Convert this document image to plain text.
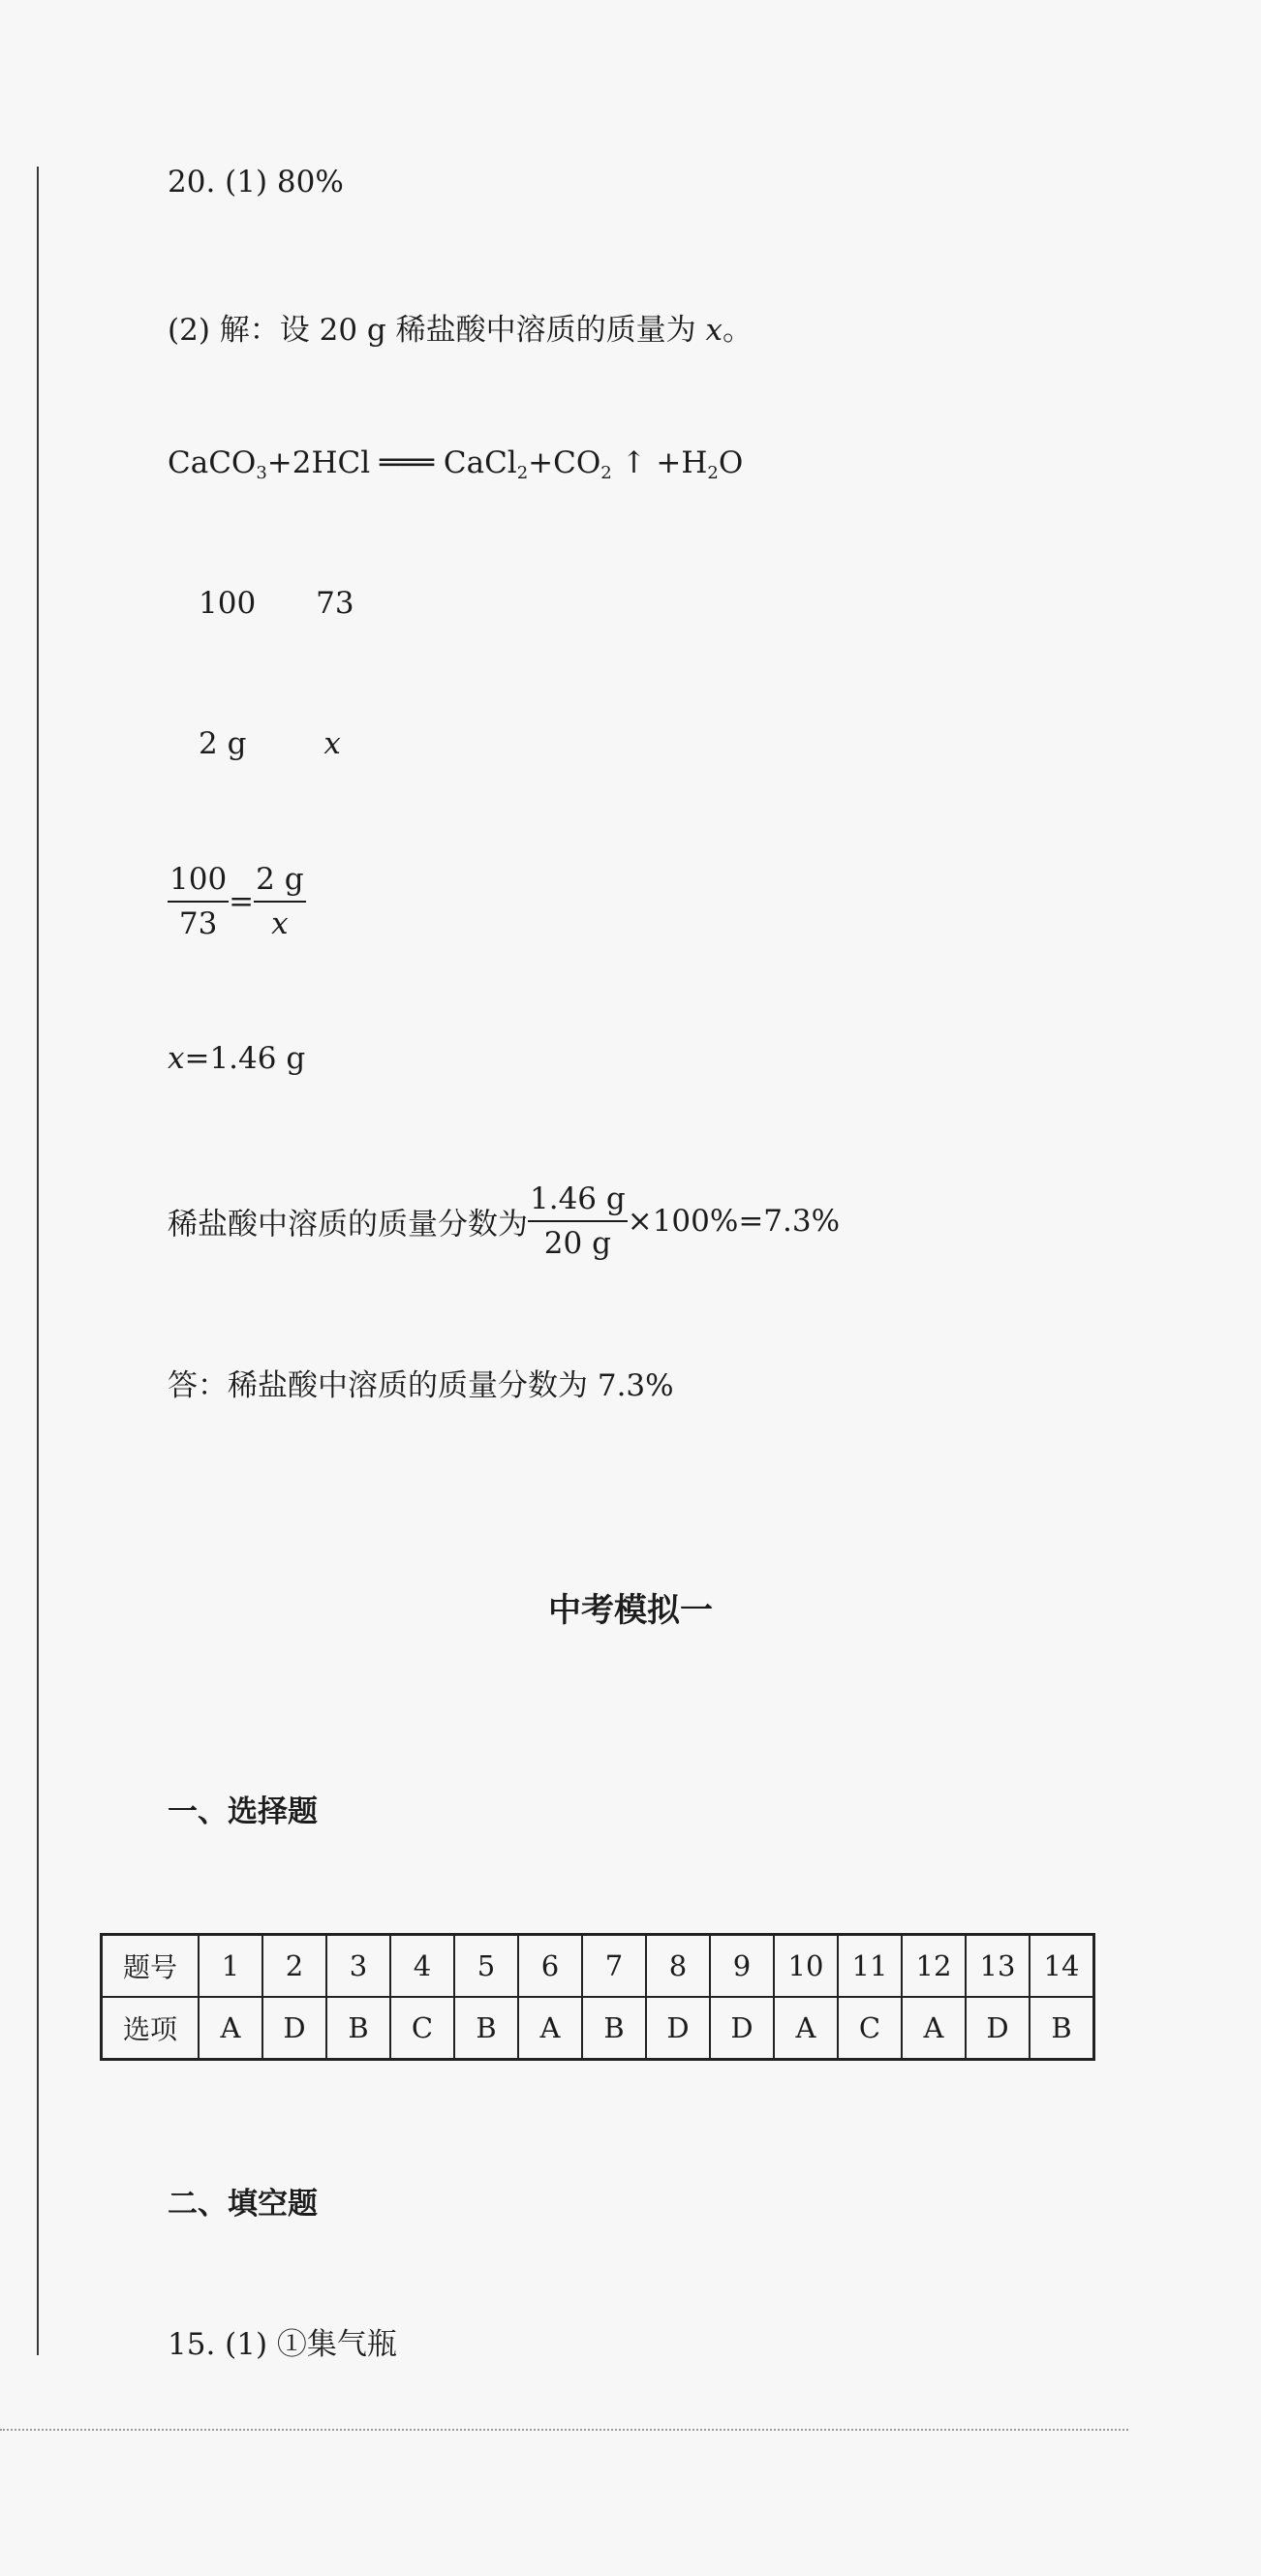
20. (1) 80%
(2) 解：设 20 g 稀盐酸中溶质的质量为 x。
CaCO$_3$+2HCl ═══ $CaCl_2+CO_2$ ↑ $+H_2O$
100 73
2 g	x
$\frac{100}{73} = \frac{2 g}{x}$
x=1.46 g
稀盐酸中溶质的质量分数为 $\frac{1.46 g}{20 g} \times 100\%=7.3\%$
答：稀盐酸中溶质的质量分数为 7.3%
中考模拟一
一、选择题
题号	1	2	3	4	5	6	7	8	9	10	11	12	13	14
选项	A	D	B	C	B	A	B	D	D	A	C	A	D	B
二、填空题
15. (1) ①集气瓶
